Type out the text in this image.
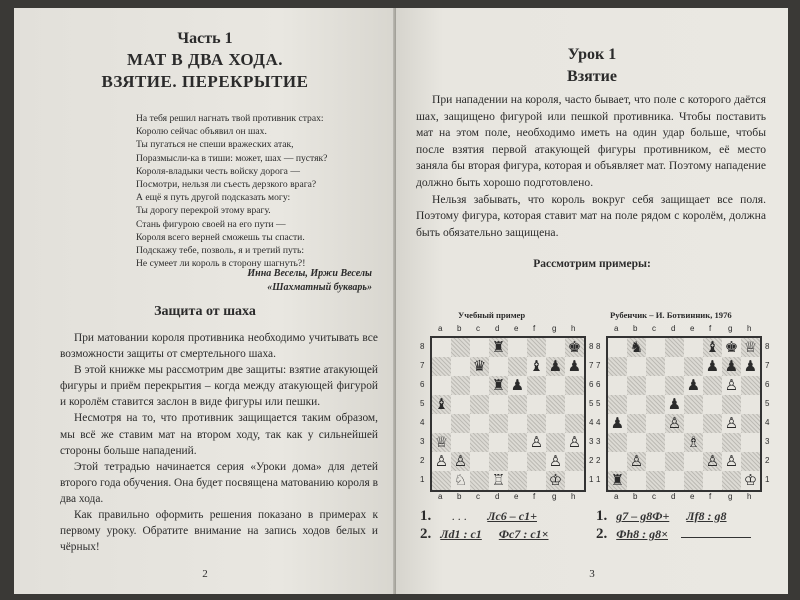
Часть 1
МАТ В ДВА ХОДА.
ВЗЯТИЕ. ПЕРЕКРЫТИЕ
На тебя решил нагнать твой противник страх:
Королю сейчас объявил он шах.
Ты пугаться не спеши вражеских атак,
Поразмысли-ка в тиши: может, шах — пустяк?
Короля-владыки честь войску дорога —
Посмотри, нельзя ли съесть дерзкого врага?
А ещё я путь другой подсказать могу:
Ты дорогу перекрой этому врагу.
Стань фигурою своей на его пути —
Короля всего верней сможешь ты спасти.
Подскажу тебе, позволь, я и третий путь:
Не сумеет ли король в сторону шагнуть?!
Инна Веселы, Иржи Веселы
«Шахматный букварь»
Защита от шаха

При матовании короля противника необходимо учитывать все возможности защиты от смертельного шаха.

В этой книжке мы рассмотрим две защиты: взятие атакующей фигуры и приём перекрытия – когда между атакующей фигурой и королём ставится заслон в виде фигуры или пешки.

Несмотря на то, что противник защищается таким образом, мы всё же ставим мат на втором ходу, так как у сильнейшей стороны больше нападений.

Этой тетрадью начинается серия «Уроки дома» для детей второго года обучения. Она будет посвящена матованию короля в два хода.

Как правильно оформить решения показано в примерах к первому уроку. Обратите внимание на запись ходов белых и чёрных!

2
Урок 1
Взятие

При нападении на короля, часто бывает, что поле с которого даётся шах, защищено фигурой или пешкой противника. Чтобы поставить мат на этом поле, необходимо иметь на один удар больше, чтобы после взятия первой атакующей фигуры противником, её место заняла бы вторая фигура, которая и объявляет мат. Поэтому нападение должно быть хорошо подготовлено.

Нельзя забывать, что король вокруг себя защищает все поля. Поэтому фигура, которая ставит мат на поле рядом с королём, должна быть обязательно защищена.

Рассмотрим примеры:
Учебный пример	Рубенчик – И. Ботвинник, 1976
♜	♚
♛	♝ ♟ ♟
♟
♜
♝
♕	♙ ♙
♙ ♙	♙
♘ ♖	♔
a
a
b
b
c
c
d
d
e
e
f
f
g
g
h
h
8	8
7	7
6	6
5	5
4	4
3	3
2	2
1	1
♞	♝ ♚ ♕
♟ ♟ ♟
♟ ♙
♟
♟	♙	♙
♙	♙ ♙
♗
♜	♔
a
a
b
b
c
c
d
d
e
e
f
f
g
g
h
h
8	8
7	7
6	6
5	5
4	4
3	3
2	2
1	1
1. . . . Лс6 – с1+
2. Лd1 : с1 Фс7 : с1×
1. g7 – g8Ф+ Лf8 : g8
2. Фh8 : g8×
3
